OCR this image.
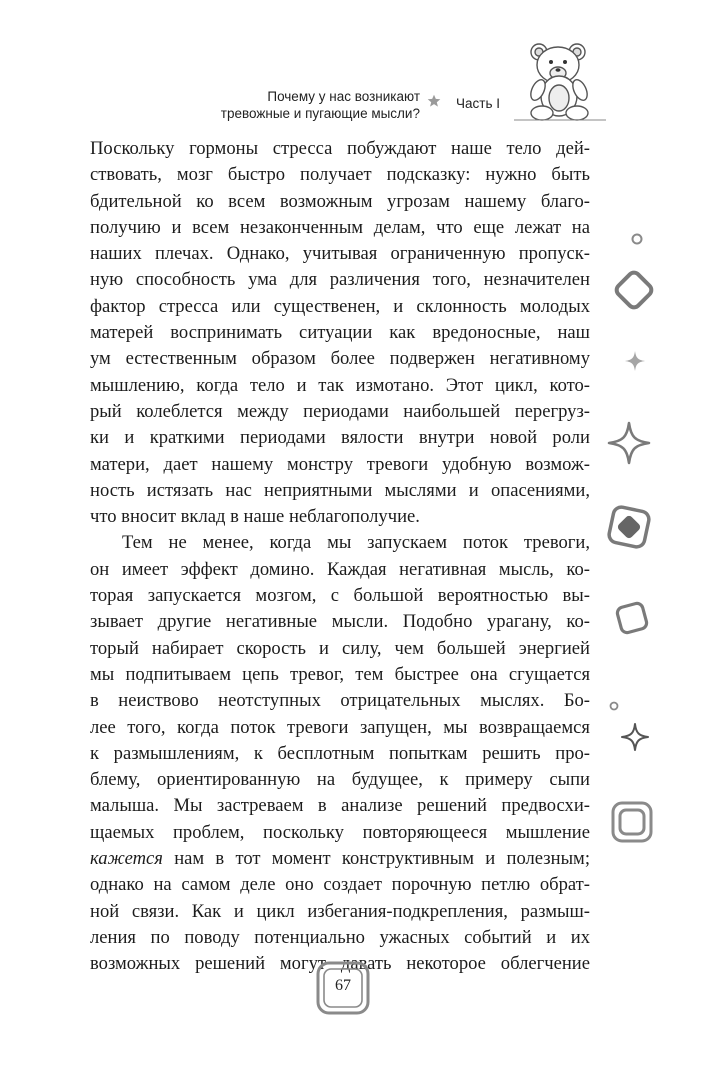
Почему у нас возникают
тревожные и пугающие мысли?
Часть I

Поскольку гормоны стресса побуждают наше тело дей-
ствовать, мозг быстро получает подсказку: нужно быть
бдительной ко всем возможным угрозам нашему благо-
получию и всем незаконченным делам, что еще лежат на
наших плечах. Однако, учитывая ограниченную пропуск-
ную способность ума для различения того, незначителен
фактор стресса или существенен, и склонность молодых
матерей воспринимать ситуации как вредоносные, наш
ум естественным образом более подвержен негативному
мышлению, когда тело и так измотано. Этот цикл, кото-
рый колеблется между периодами наибольшей перегруз-
ки и краткими периодами вялости внутри новой роли
матери, дает нашему монстру тревоги удобную возмож-
ность истязать нас неприятными мыслями и опасениями,
что вносит вклад в наше неблагополучие.

Тем не менее, когда мы запускаем поток тревоги,
он имеет эффект домино. Каждая негативная мысль, ко-
торая запускается мозгом, с большой вероятностью вы-
зывает другие негативные мысли. Подобно урагану, ко-
торый набирает скорость и силу, чем большей энергией
мы подпитываем цепь тревог, тем быстрее она сгущается
в неиствово неотступных отрицательных мыслях. Бо-
лее того, когда поток тревоги запущен, мы возвращаемся
к размышлениям, к бесплотным попыткам решить про-
блему, ориентированную на будущее, к примеру сыпи
малыша. Мы застреваем в анализе решений предвосхи-
щаемых проблем, поскольку повторяющееся мышление
кажется нам в тот момент конструктивным и полезным;
однако на самом деле оно создает порочную петлю обрат-
ной связи. Как и цикл избегания-подкрепления, размыш-
ления по поводу потенциально ужасных событий и их
возможных решений могут давать некоторое облегчение

67
